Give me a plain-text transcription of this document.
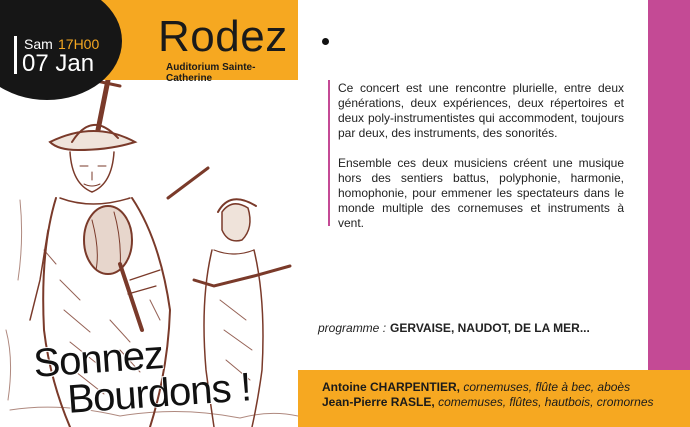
Rodez
Auditorium Sainte-Catherine
Sam 17H00
07 Jan
Sonnez
Bourdons !

Ce concert est une rencontre plurielle, entre deux générations, deux expériences, deux répertoires et deux poly-instrumentistes qui accommodent, toujours par deux, des instruments, des sonorités.

Ensemble ces deux musiciens créent une musique hors des sentiers battus, polyphonie, harmonie, homophonie, pour emmener les spectateurs dans le monde multiple des cornemuses et instruments à vent.

programme : GERVAISE, NAUDOT, DE LA MER...
Antoine CHARPENTIER, cornemuses, flûte à bec, aboès
Jean-Pierre RASLE, comemuses, flûtes, hautbois, cromornes
